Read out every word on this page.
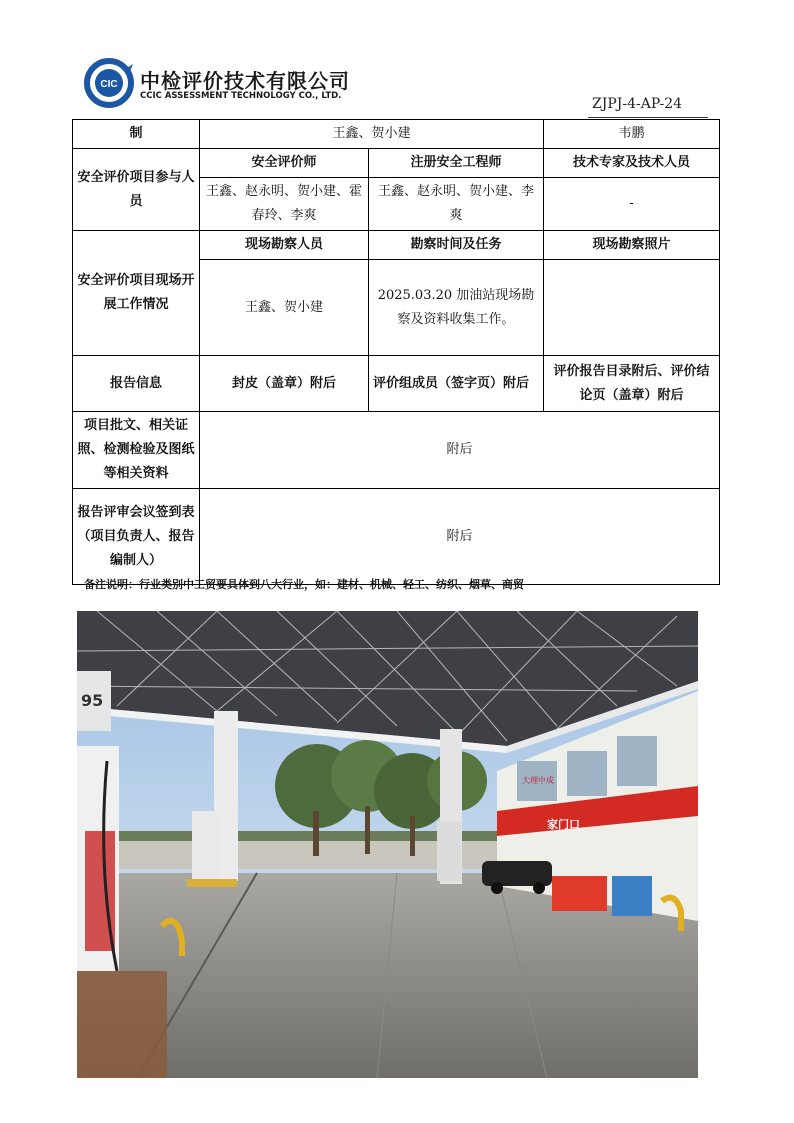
CIC 中检评价技术有限公司
CCIC ASSESSMENT TECHNOLOGY CO., LTD.	ZJPJ-4-AP-24
制	王鑫、贺小建		韦鹏
安全评价项目参与人员	安全评价师	注册安全工程师	技术专家及技术人员
	王鑫、赵永明、贺小建、霍春玲、李爽	王鑫、赵永明、贺小建、李爽	-
安全评价项目现场开展工作情况	现场勘察人员	勘察时间及任务	现场勘察照片
	王鑫、贺小建	2025.03.20 加油站现场勘察及资料收集工作。	
报告信息	封皮（盖章）附后	评价组成员（签字页）附后	评价报告目录附后、评价结论页（盖章）附后
项目批文、相关证照、检测检验及图纸等相关资料	附后		
报告评审会议签到表（项目负责人、报告编制人）	附后		
备注说明：行业类别中工贸要具体到八大行业，如：建材、机械、轻工、纺织、烟草、商贸
大理中成
家门口
95
